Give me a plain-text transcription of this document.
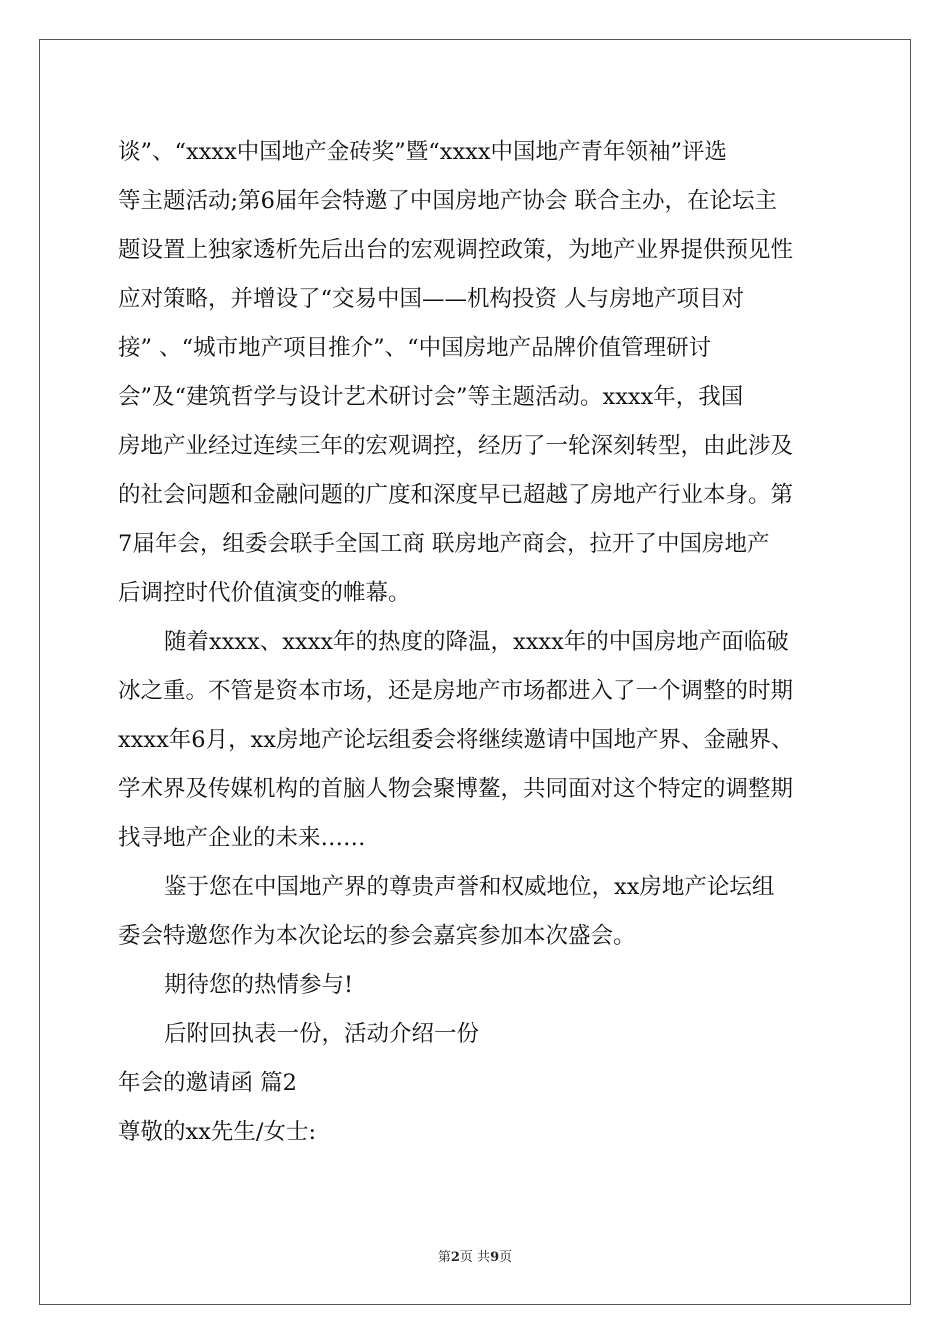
谈”、“xxxx中国地产金砖奖”暨“xxxx中国地产青年领袖”评选
等主题活动;第6届年会特邀了中国房地产协会 联合主办，在论坛主
题设置上独家透析先后出台的宏观调控政策，为地产业界提供预见性
应对策略，并增设了“交易中国——机构投资 人与房地产项目对
接” 、“城市地产项目推介”、“中国房地产品牌价值管理研讨
会”及“建筑哲学与设计艺术研讨会”等主题活动。xxxx年，我国
房地产业经过连续三年的宏观调控，经历了一轮深刻转型，由此涉及
的社会问题和金融问题的广度和深度早已超越了房地产行业本身。第
7届年会，组委会联手全国工商 联房地产商会，拉开了中国房地产
后调控时代价值演变的帷幕。
随着xxxx、xxxx年的热度的降温，xxxx年的中国房地产面临破
冰之重。不管是资本市场，还是房地产市场都进入了一个调整的时期
xxxx年6月，xx房地产论坛组委会将继续邀请中国地产界、金融界、
学术界及传媒机构的首脑人物会聚博鳌，共同面对这个特定的调整期
找寻地产企业的未来……
鉴于您在中国地产界的尊贵声誉和权威地位，xx房地产论坛组
委会特邀您作为本次论坛的参会嘉宾参加本次盛会。
期待您的热情参与!
后附回执表一份，活动介绍一份
年会的邀请函 篇2
尊敬的xx先生/女士:
第2页 共9页
